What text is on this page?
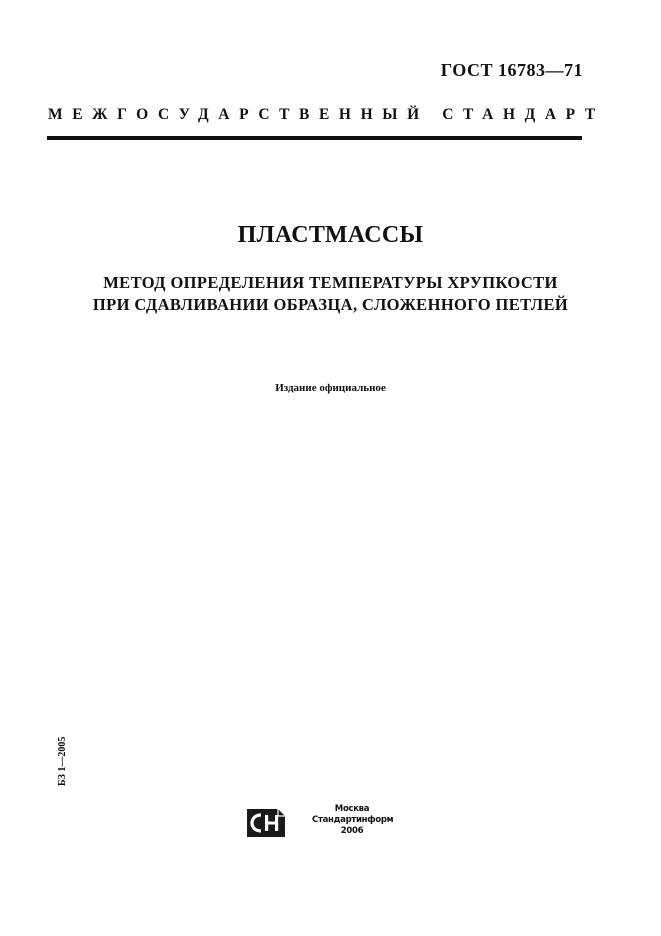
ГОСТ 16783—71
МЕЖГОСУДАРСТВЕННЫЙ СТАНДАРТ
ПЛАСТМАССЫ
МЕТОД ОПРЕДЕЛЕНИЯ ТЕМПЕРАТУРЫ ХРУПКОСТИ
ПРИ СДАВЛИВАНИИ ОБРАЗЦА, СЛОЖЕННОГО ПЕТЛЕЙ
Издание официальное
БЗ 1—2005
Москва
Стандартинформ
2006
